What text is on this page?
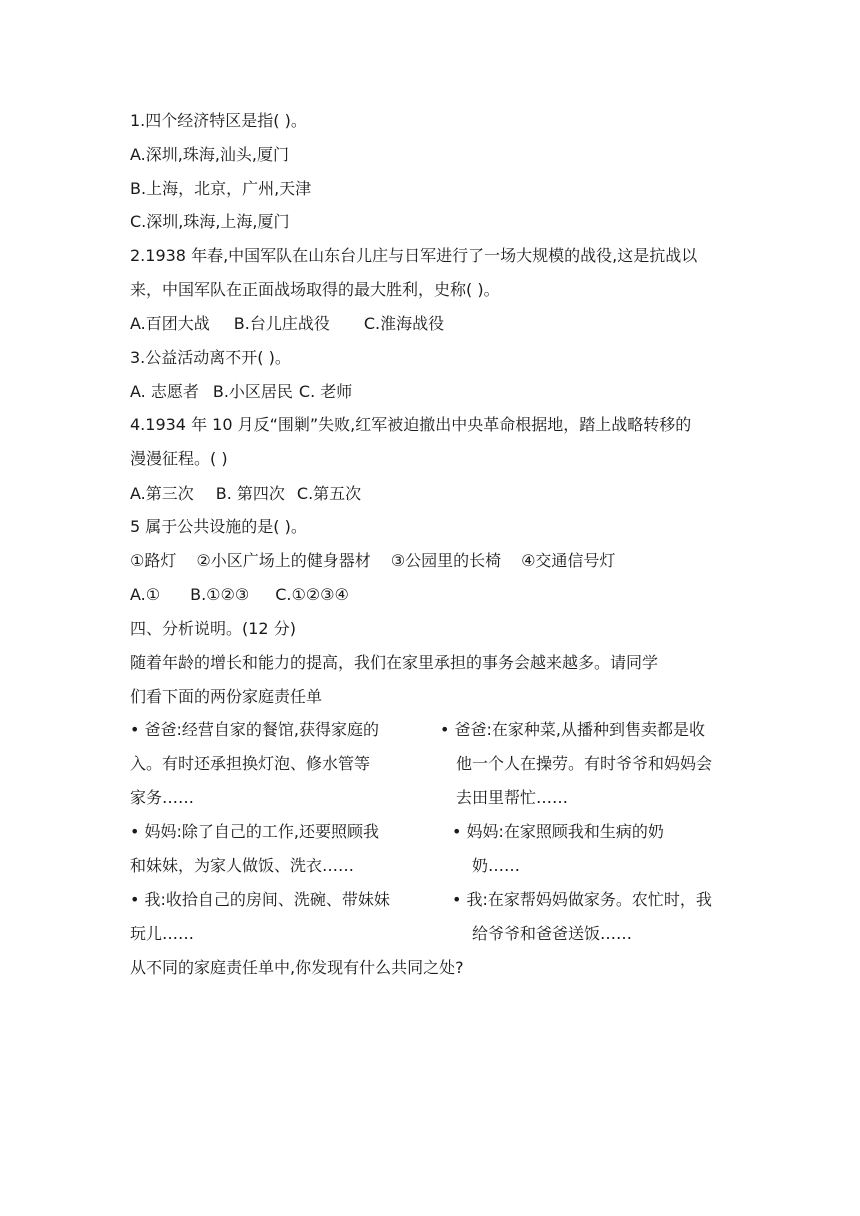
1.四个经济特区是指( )。
A.深圳,珠海,汕头,厦门
B.上海，北京，广州,天津
C.深圳,珠海,上海,厦门
2.1938 年春,中国军队在山东台儿庄与日军进行了一场大规模的战役,这是抗战以
来，中国军队在正面战场取得的最大胜利，史称( )。
A.百团大战 B.台儿庄战役 C.淮海战役
3.公益活动离不开( )。
A. 志愿者 B.小区居民 C. 老师
4.1934 年 10 月反“围剿”失败,红军被迫撤出中央革命根据地，踏上战略转移的
漫漫征程。( )
A.第三次 B. 第四次 C.第五次
5 属于公共设施的是( )。
①路灯 ②小区广场上的健身器材 ③公园里的长椅 ④交通信号灯
A.① B.①②③ C.①②③④
四、分析说明。(12 分)
随着年龄的增长和能力的提高，我们在家里承担的事务会越来越多。请同学
们看下面的两份家庭责任单
• 爸爸:经营自家的餐馆,获得家庭的
入。有时还承担换灯泡、修水管等
家务……
• 妈妈:除了自己的工作,还要照顾我
和妹妹，为家人做饭、洗衣……
• 我:收拾自己的房间、洗碗、带妹妹
玩儿……
• 爸爸:在家种菜,从播种到售卖都是收
他一个人在操劳。有时爷爷和妈妈会
去田里帮忙……
• 妈妈:在家照顾我和生病的奶
奶……
• 我:在家帮妈妈做家务。农忙时，我
给爷爷和爸爸送饭……
从不同的家庭责任单中,你发现有什么共同之处?
